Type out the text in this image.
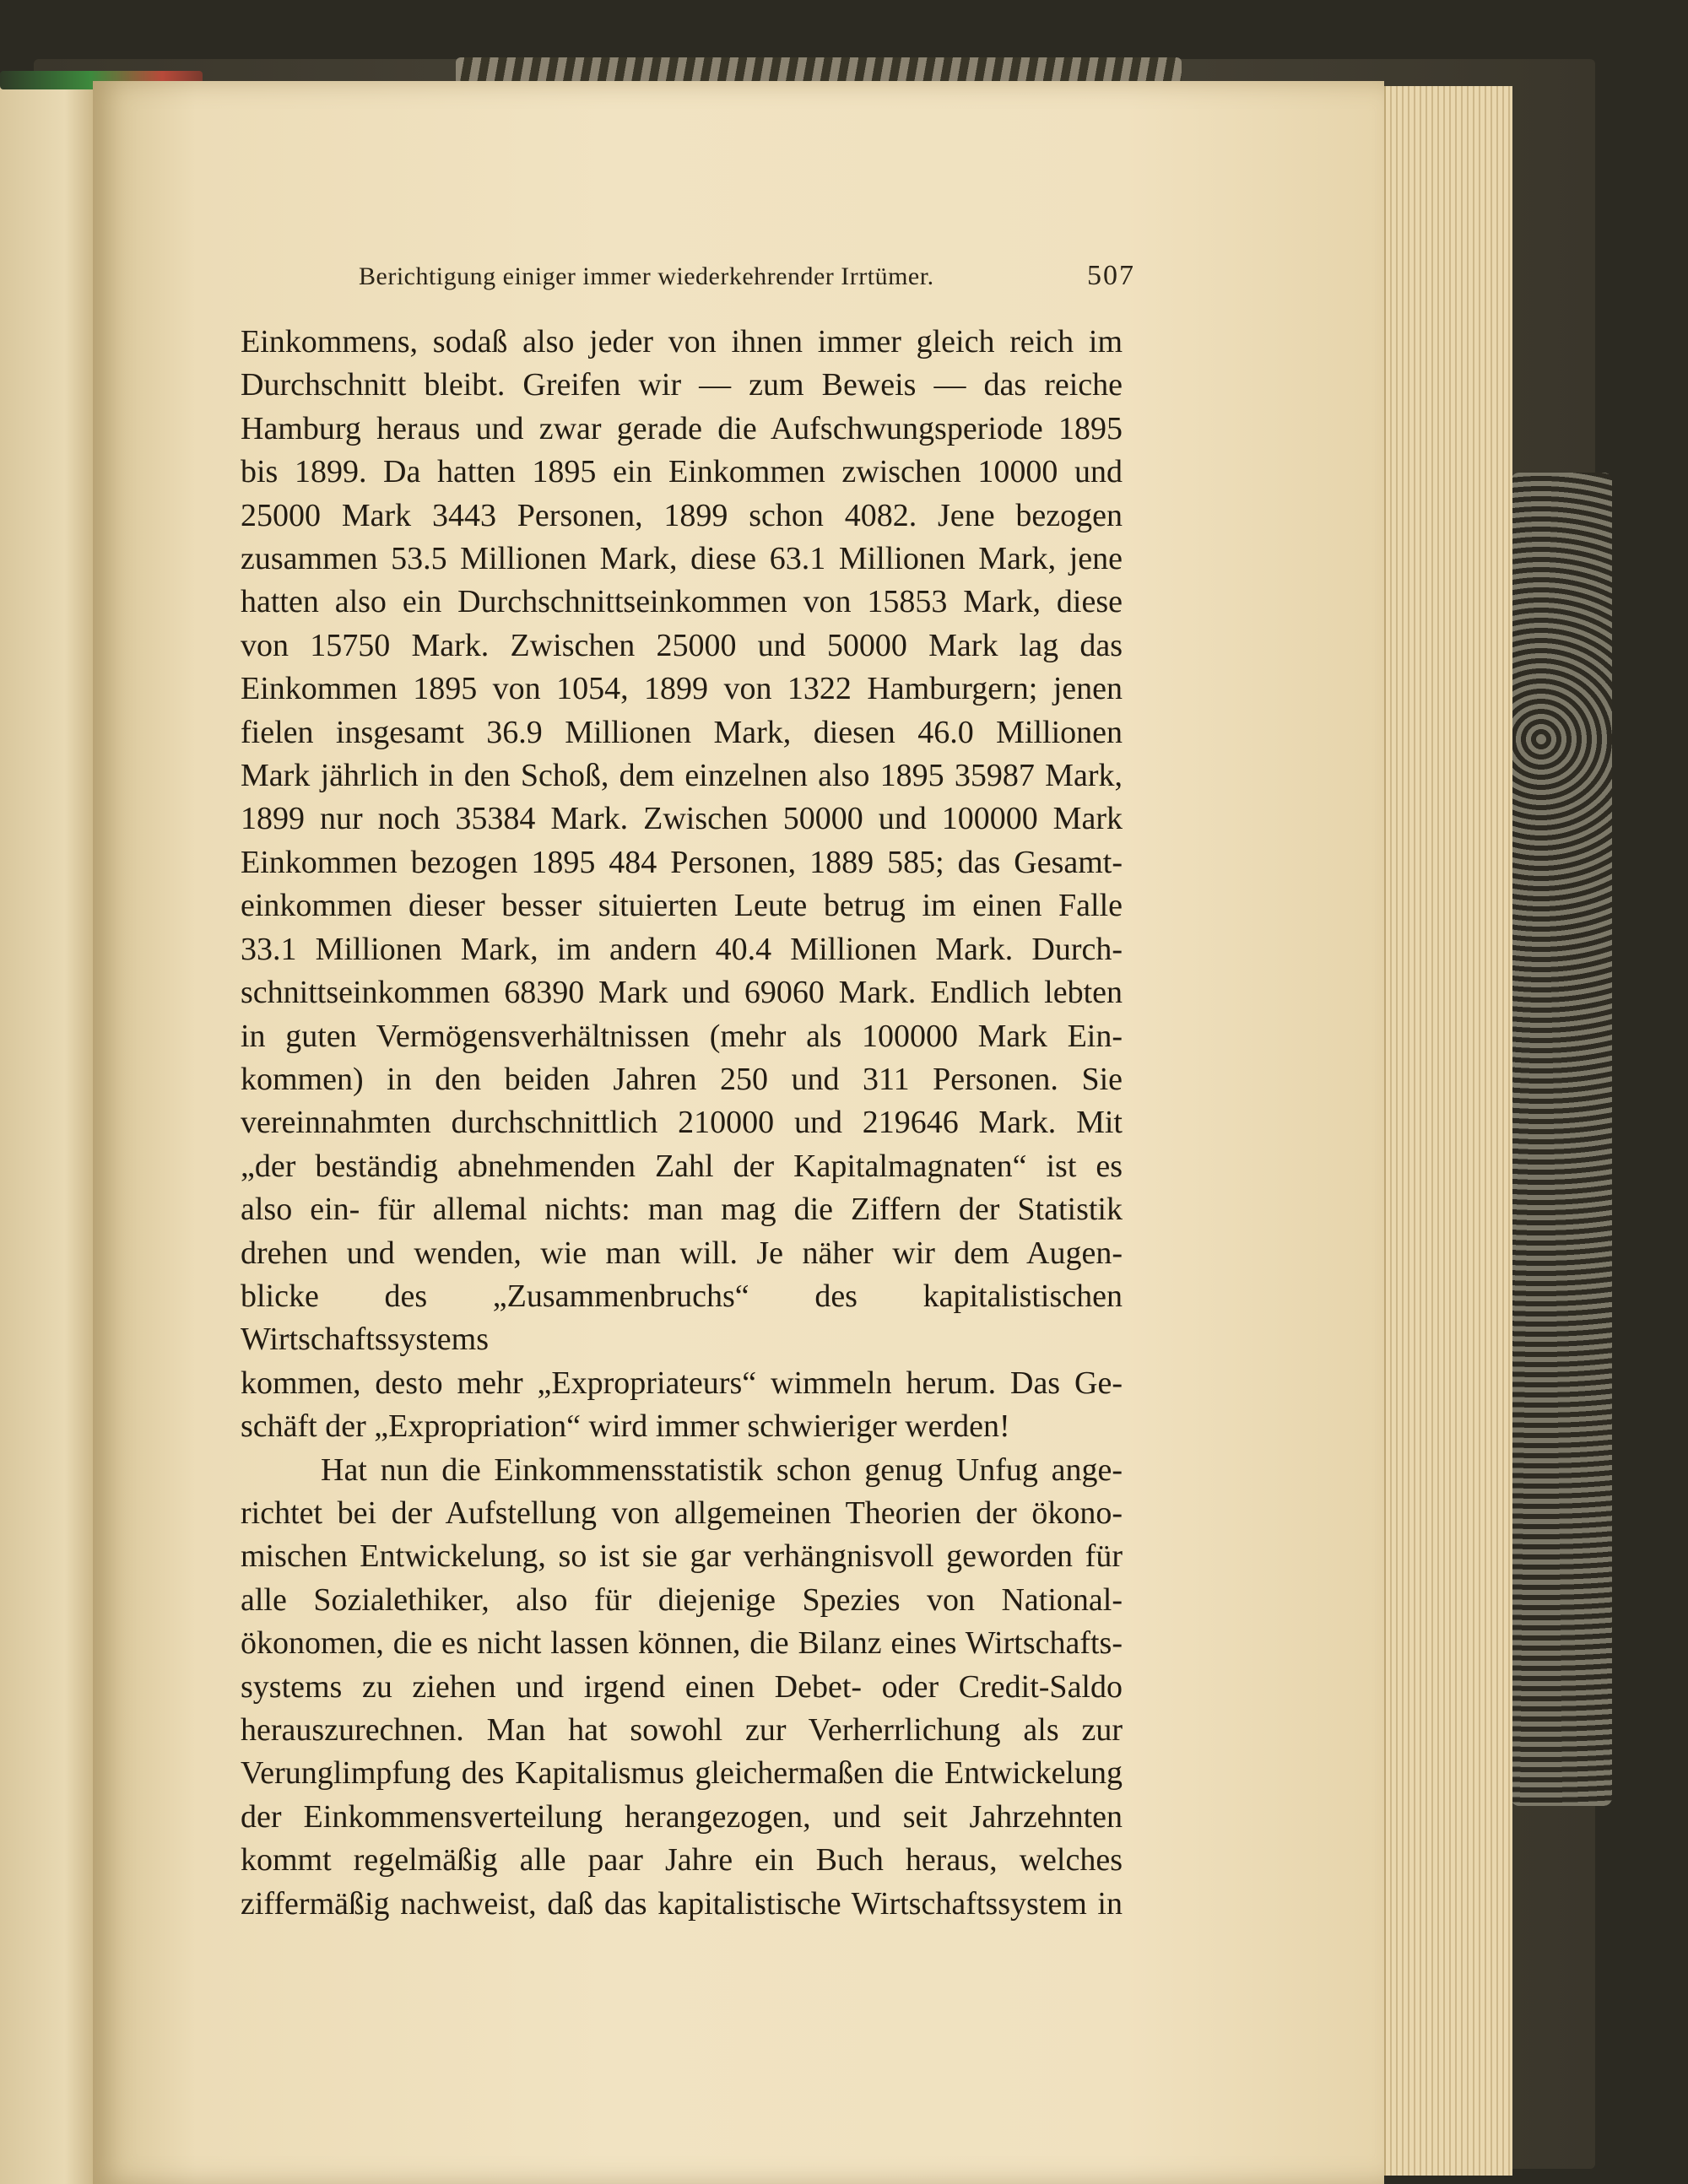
Berichtigung einiger immer wiederkehrender Irrtümer.	507

Einkommens, sodaß also jeder von ihnen immer gleich reich im

Durchschnitt bleibt. Greifen wir — zum Beweis — das reiche

Hamburg heraus und zwar gerade die Aufschwungsperiode 1895

bis 1899. Da hatten 1895 ein Einkommen zwischen 10000 und

25000 Mark 3443 Personen, 1899 schon 4082. Jene bezogen

zusammen 53.5 Millionen Mark, diese 63.1 Millionen Mark, jene

hatten also ein Durchschnittseinkommen von 15853 Mark, diese

von 15750 Mark. Zwischen 25000 und 50000 Mark lag das

Einkommen 1895 von 1054, 1899 von 1322 Hamburgern; jenen

fielen insgesamt 36.9 Millionen Mark, diesen 46.0 Millionen

Mark jährlich in den Schoß, dem einzelnen also 1895 35987 Mark,

1899 nur noch 35384 Mark. Zwischen 50000 und 100000 Mark

Einkommen bezogen 1895 484 Personen, 1889 585; das Gesamt-

einkommen dieser besser situierten Leute betrug im einen Falle

33.1 Millionen Mark, im andern 40.4 Millionen Mark. Durch-

schnittseinkommen 68390 Mark und 69060 Mark. Endlich lebten

in guten Vermögensverhältnissen (mehr als 100000 Mark Ein-

kommen) in den beiden Jahren 250 und 311 Personen. Sie

vereinnahmten durchschnittlich 210000 und 219646 Mark. Mit

„der beständig abnehmenden Zahl der Kapitalmagnaten“ ist es

also ein- für allemal nichts: man mag die Ziffern der Statistik

drehen und wenden, wie man will. Je näher wir dem Augen-

blicke des „Zusammenbruchs“ des kapitalistischen Wirtschaftssystems

kommen, desto mehr „Expropriateurs“ wimmeln herum. Das Ge-

schäft der „Expropriation“ wird immer schwieriger werden!

Hat nun die Einkommensstatistik schon genug Unfug ange-

richtet bei der Aufstellung von allgemeinen Theorien der ökono-

mischen Entwickelung, so ist sie gar verhängnisvoll geworden für

alle Sozialethiker, also für diejenige Spezies von National-

ökonomen, die es nicht lassen können, die Bilanz eines Wirtschafts-

systems zu ziehen und irgend einen Debet- oder Credit-Saldo

herauszurechnen. Man hat sowohl zur Verherrlichung als zur

Verunglimpfung des Kapitalismus gleichermaßen die Entwickelung

der Einkommensverteilung herangezogen, und seit Jahrzehnten

kommt regelmäßig alle paar Jahre ein Buch heraus, welches

ziffermäßig nachweist, daß das kapitalistische Wirtschaftssystem in
